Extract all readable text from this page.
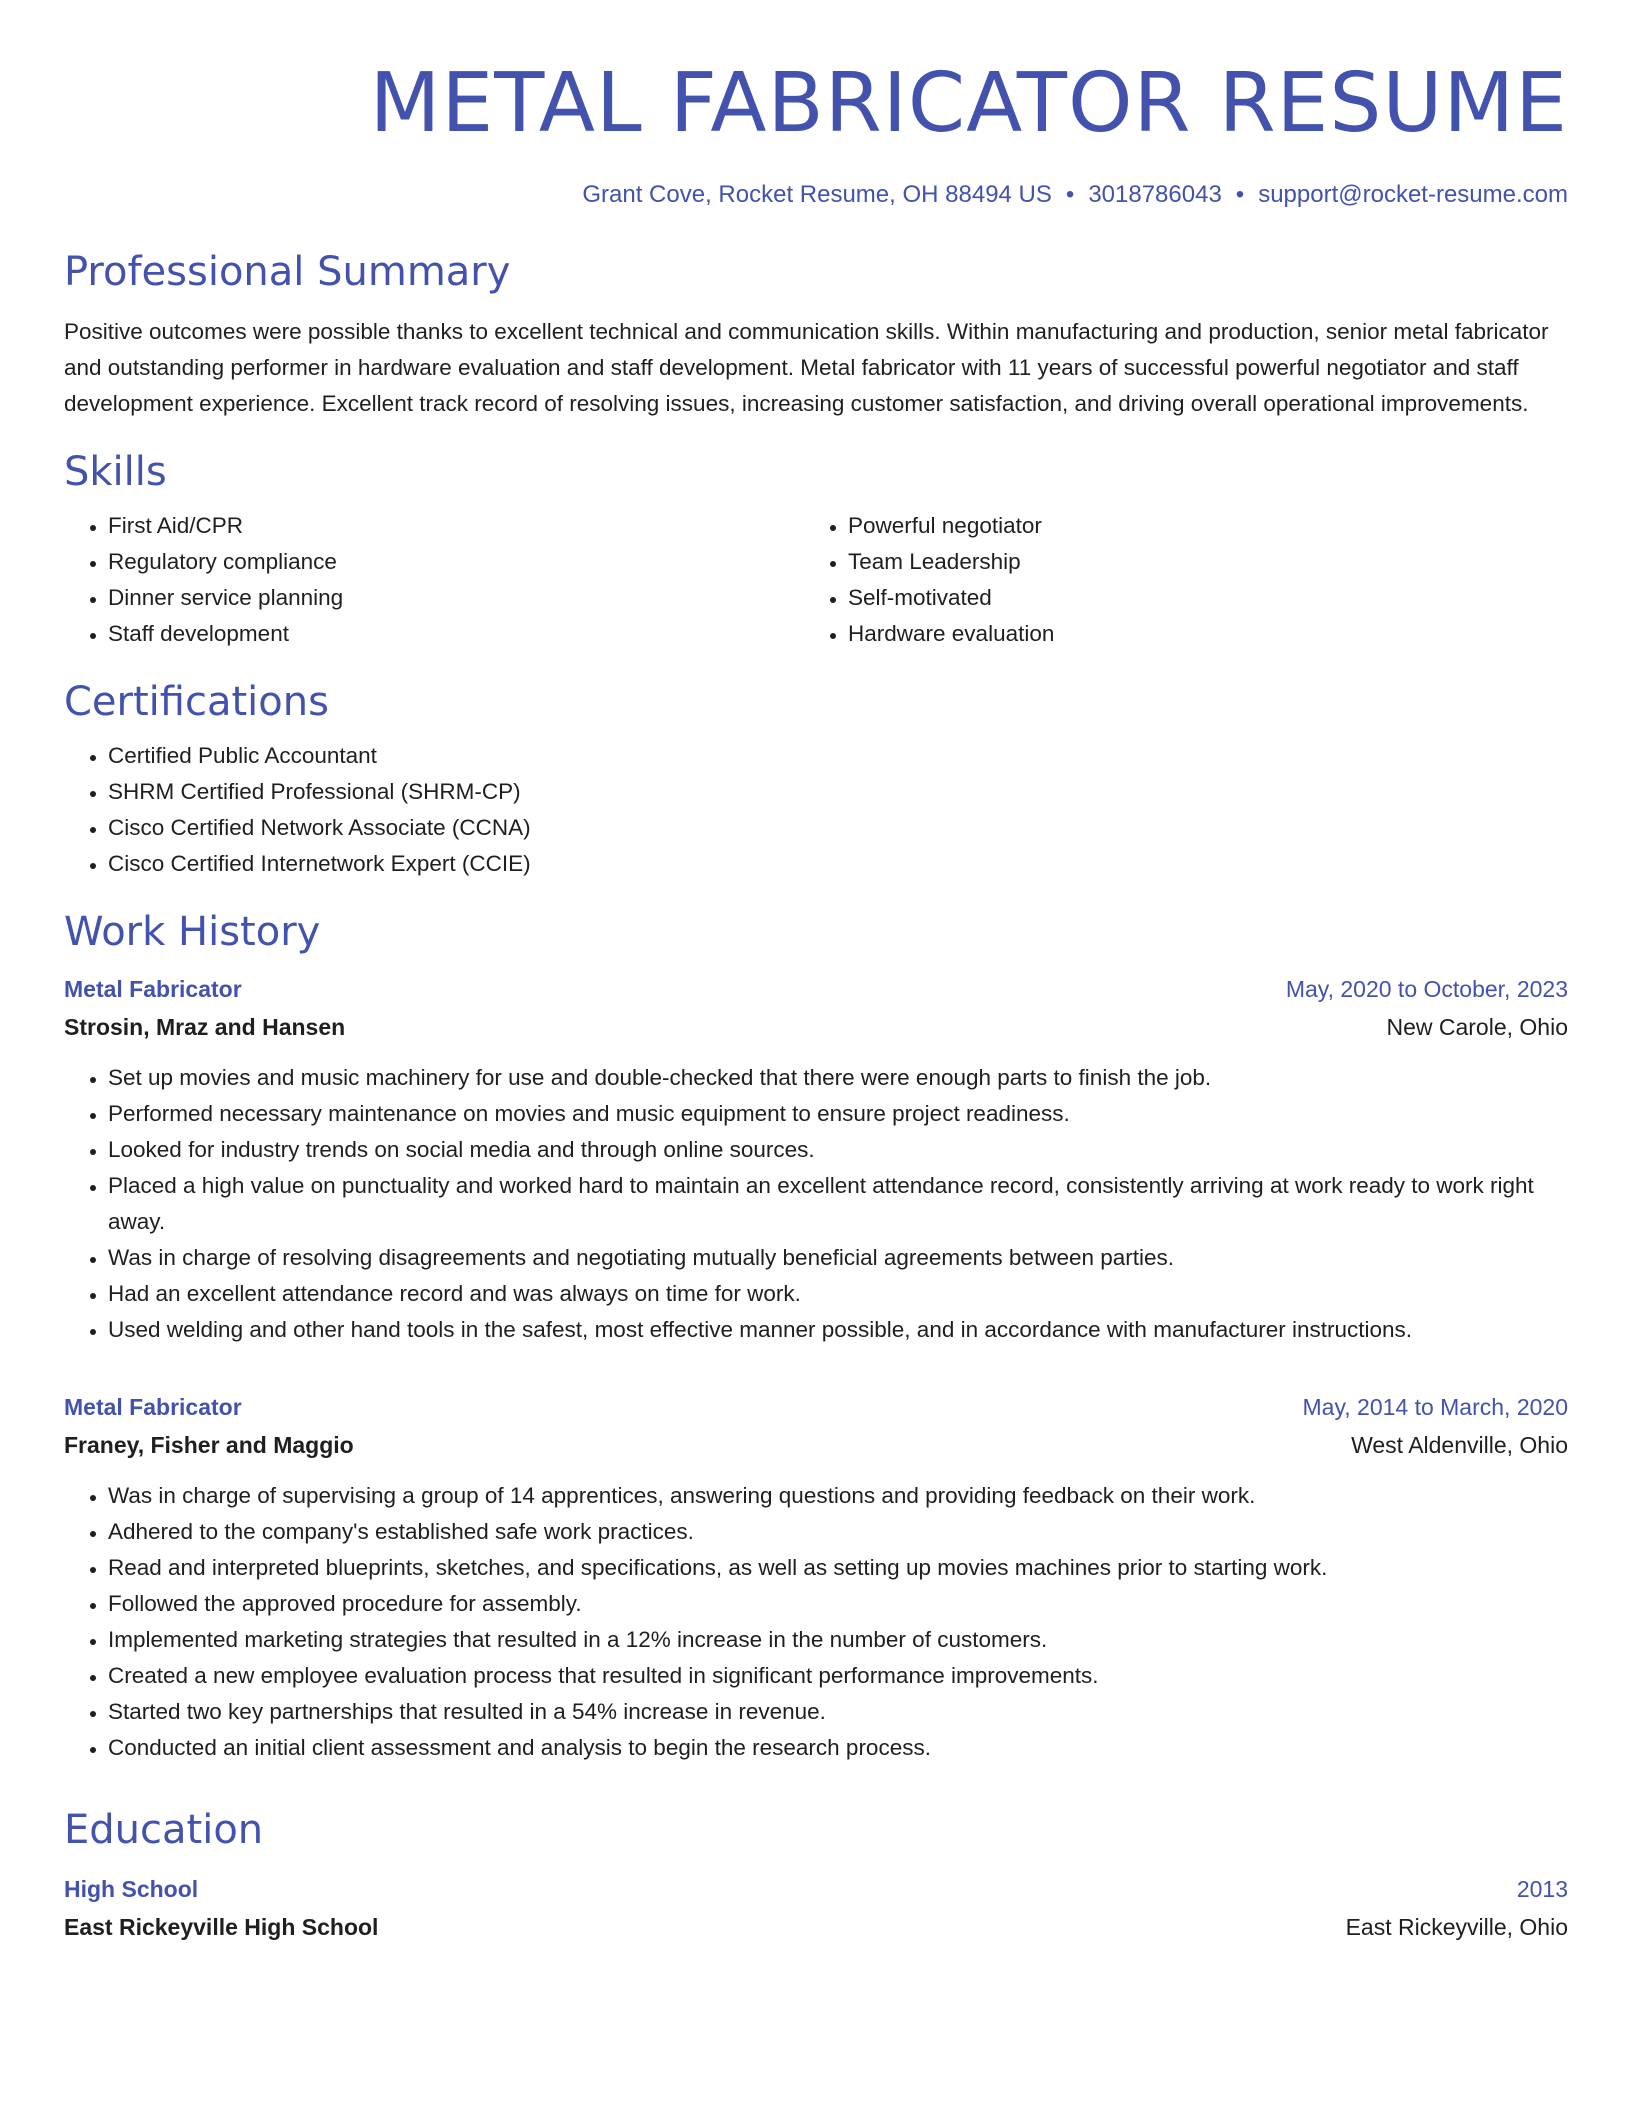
METAL FABRICATOR RESUME
Grant Cove, Rocket Resume, OH 88494 US • 3018786043 • support@rocket-resume.com
Professional Summary

Positive outcomes were possible thanks to excellent technical and communication skills. Within manufacturing and production, senior metal fabricator and outstanding performer in hardware evaluation and staff development. Metal fabricator with 11 years of successful powerful negotiator and staff development experience. Excellent track record of resolving issues, increasing customer satisfaction, and driving overall operational improvements.

Skills
• First Aid/CPR
• Regulatory compliance
• Dinner service planning
• Staff development
• Powerful negotiator
• Team Leadership
• Self-motivated
• Hardware evaluation
Certifications
• Certified Public Accountant
• SHRM Certified Professional (SHRM-CP)
• Cisco Certified Network Associate (CCNA)
• Cisco Certified Internetwork Expert (CCIE)
Work History
Metal Fabricator	May, 2020 to October, 2023
Strosin, Mraz and Hansen	New Carole, Ohio
• Set up movies and music machinery for use and double-checked that there were enough parts to finish the job.
• Performed necessary maintenance on movies and music equipment to ensure project readiness.
• Looked for industry trends on social media and through online sources.
• Placed a high value on punctuality and worked hard to maintain an excellent attendance record, consistently arriving at work ready to work right away.
• Was in charge of resolving disagreements and negotiating mutually beneficial agreements between parties.
• Had an excellent attendance record and was always on time for work.
• Used welding and other hand tools in the safest, most effective manner possible, and in accordance with manufacturer instructions.
Metal Fabricator	May, 2014 to March, 2020
Franey, Fisher and Maggio	West Aldenville, Ohio
• Was in charge of supervising a group of 14 apprentices, answering questions and providing feedback on their work.
• Adhered to the company's established safe work practices.
• Read and interpreted blueprints, sketches, and specifications, as well as setting up movies machines prior to starting work.
• Followed the approved procedure for assembly.
• Implemented marketing strategies that resulted in a 12% increase in the number of customers.
• Created a new employee evaluation process that resulted in significant performance improvements.
• Started two key partnerships that resulted in a 54% increase in revenue.
• Conducted an initial client assessment and analysis to begin the research process.
Education
High School	2013
East Rickeyville High School	East Rickeyville, Ohio
